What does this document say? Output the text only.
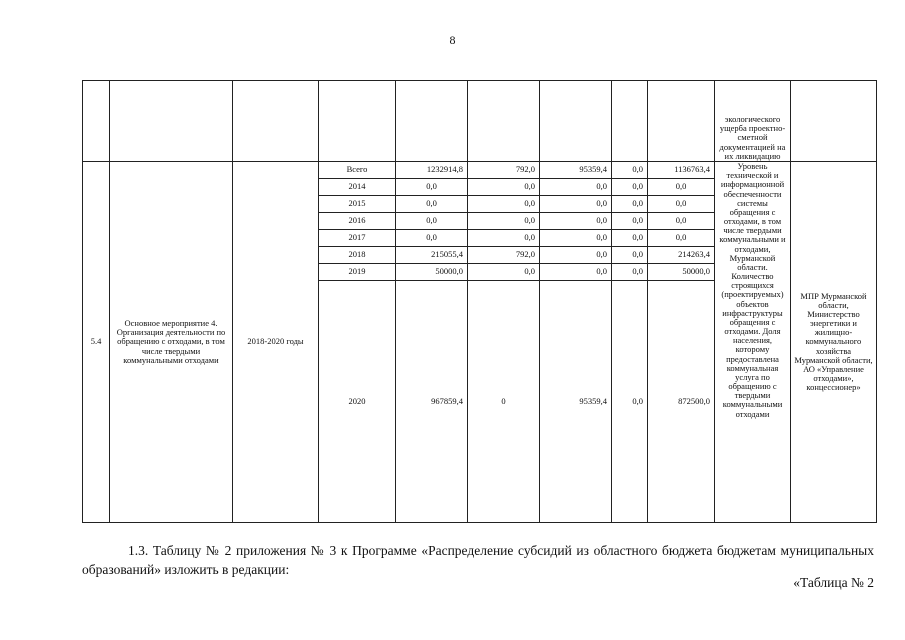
8
									экологического ущерба проектно-сметной документацией на их ликвидацию	
5.4	Основное мероприятие 4. Организация деятельности по обращению с отходами, в том числе твердыми коммунальными отходами	2018-2020 годы	Всего	1232914,8	792,0	95359,4	0,0	1136763,4	Уровень технической и информационной обеспеченности системы обращения с отходами, в том числе твердыми коммунальными и отходами, Мурманской области. Количество строящихся (проектируемых) объектов инфраструктуры обращения с отходами. Доля населения, которому предоставлена коммунальная услуга по обращению с твердыми коммунальными отходами	МПР Мурманской области, Министерство энергетики и жилищно-коммунального хозяйства Мурманской области, АО «Управление отходами», концессионер»
			2014	0,0	0,0	0,0	0,0	0,0		
			2015	0,0	0,0	0,0	0,0	0,0		
			2016	0,0	0,0	0,0	0,0	0,0		
			2017	0,0	0,0	0,0	0,0	0,0		
			2018	215055,4	792,0	0,0	0,0	214263,4		
			2019	50000,0	0,0	0,0	0,0	50000,0		
			2020	967859,4	0	95359,4	0,0	872500,0		
1.3. Таблицу № 2 приложения № 3 к Программе «Распределение субсидий из областного бюджета бюджетам муниципальных образований» изложить в редакции:
«Таблица № 2
